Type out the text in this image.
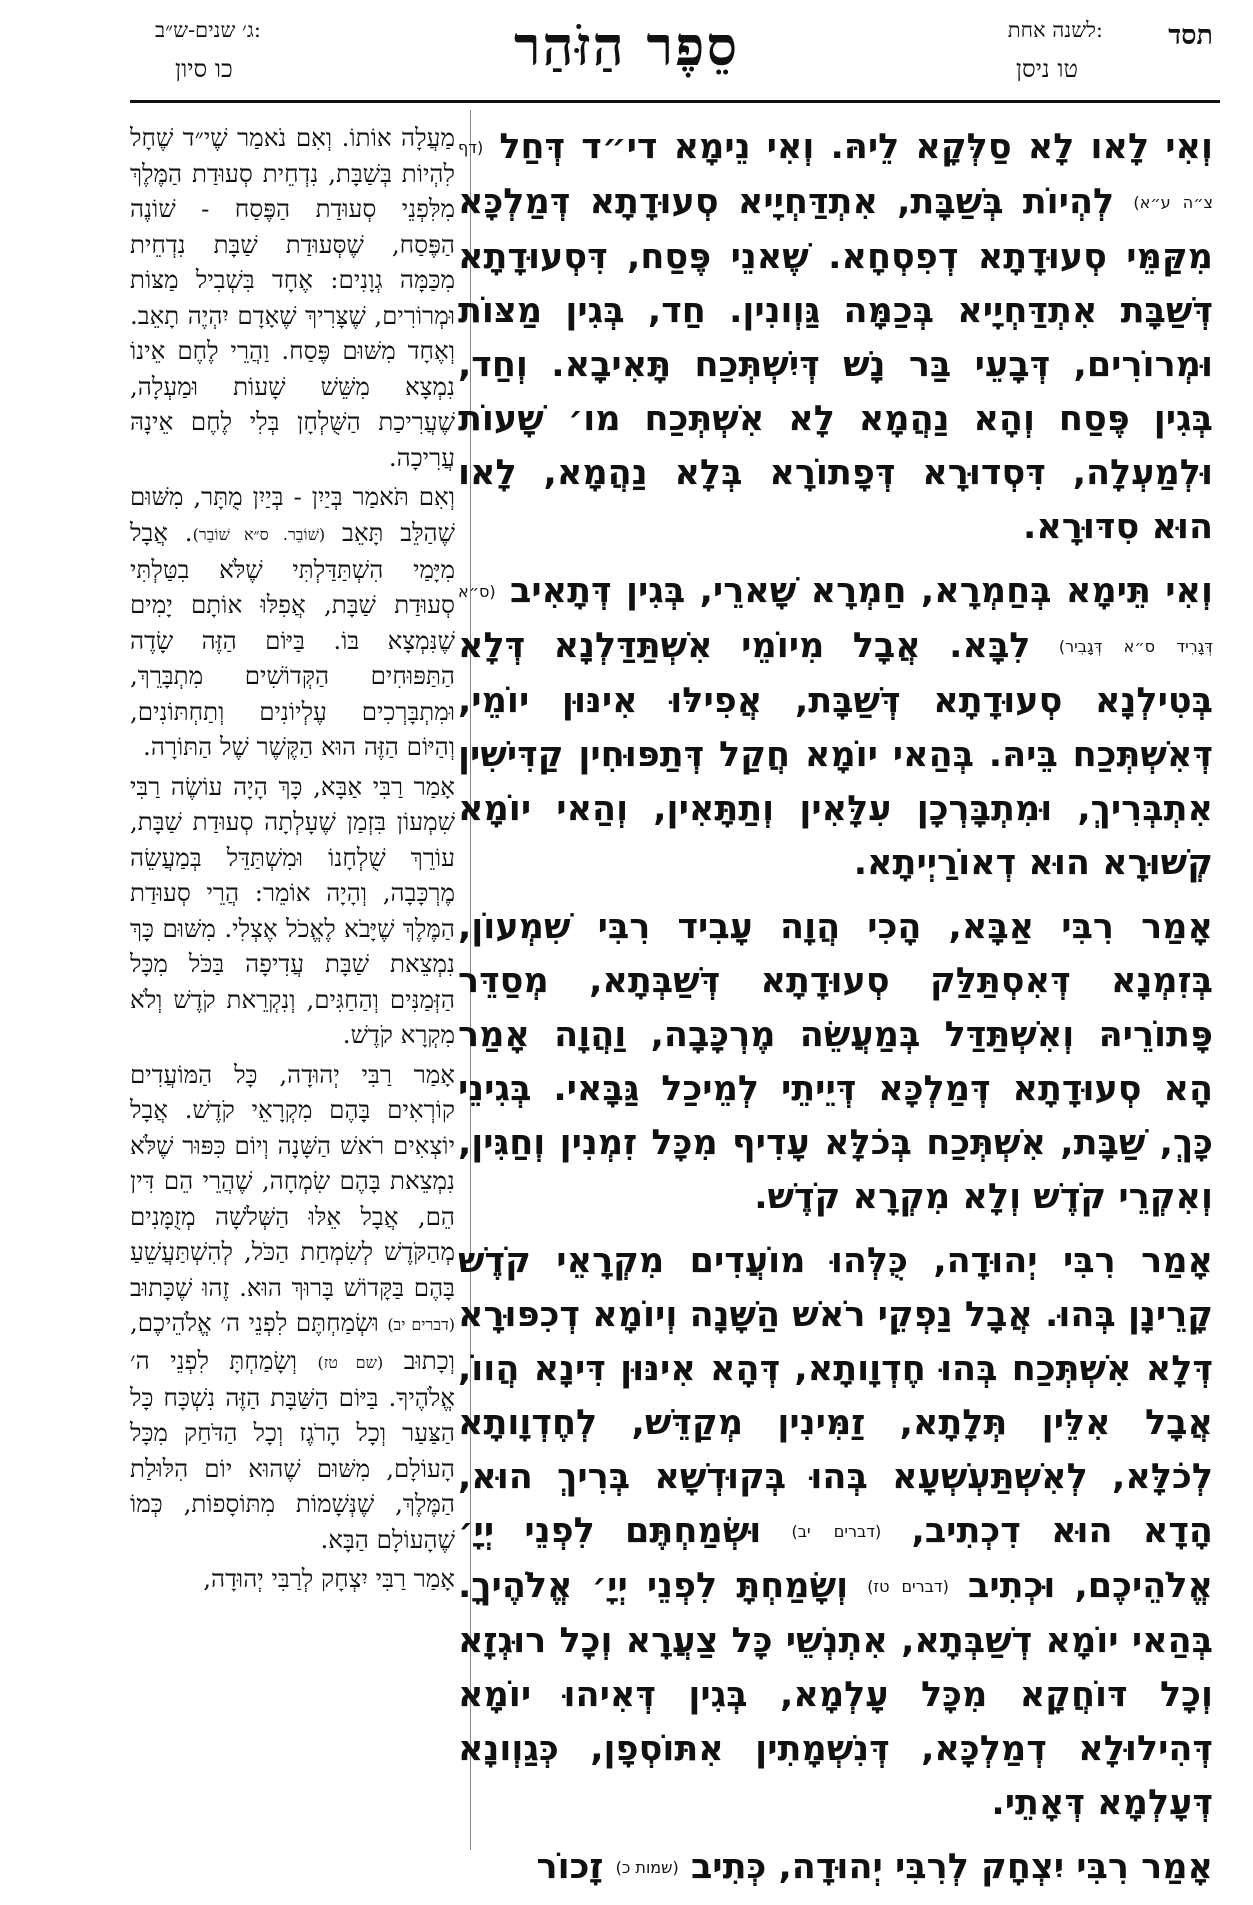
תסד
לשנה אחת:
טו ניסן
סֵפֶר הַזֹּהַר
ג׳ שנים-ש״ב:
כו סיון

וְאִי לָאו לָא סַלְּקָא לֵיהּ. וְאִי נֵימָא די״ד דְּחַל (דף צ״ה ע״א) לְהְיוֹת בְּשַׁבָּת, אִתְדַּחְיָיא סְעוּדָתָא דְּמַלְכָּא מִקַּמֵּי סְעוּדָתָא דְפִסְחָא. שֶׁאנֵי פֶּסַח, דִּסְעוּדָתָא דְּשַׁבָּת אִתְדַּחְיָיא בְּכַמָּה גַּוְונִין. חַד, בְּגִין מַצּוֹת וּמְרוֹרִים, דְּבָעֵי בַּר נָשׁ דְּיִשְׁתְּכַח תָּאִיבָא. וְחַד, בְּגִין פֶּסַח וְהָא נַהֲמָא לָא אִשְׁתְּכַח מו׳ שָׁעוֹת וּלְמַעְלָה, דִּסְדוּרָא דְּפָתוֹרָא בְּלָא נַהֲמָא, לָאו הוּא סִדּוּרָא.

וְאִי תֵּימָא בְּחַמְרָא, חַמְרָא שָׁארֵי, בְּגִין דְּתָאִיב (ס״א דְּגָרִיד ס״א דְּגָבִיר) לִבָּא. אֲבָל מִיוֹמֵי אִשְׁתַּדַּלְנָא דְּלָא בְּטִילְנָא סְעוּדָתָא דְּשַׁבָּת, אֲפִילּוּ אִינּוּן יוֹמֵי, דְּאִשְׁתְּכַח בֵּיהּ. בְּהַאי יוֹמָא חֲקַל דְּתַפּוּחִין קַדִּישִׁין אִתְבְּרִיךְ, וּמִתְבָּרְכָן עִלָּאִין וְתַתָּאִין, וְהַאי יוֹמָא קְשׁוּרָא הוּא דְאוֹרַיְיתָא.

אָמַר רִבִּי אַבָּא, הָכִי הֲוָה עָבִיד רִבִּי שִׁמְעוֹן, בְּזִמְנָא דְּאִסְתַּלַּק סְעוּדָתָא דְּשַׁבְּתָא, מְסַדֵּר פָּתוֹרֵיהּ וְאִשְׁתַּדַּל בְּמַעֲשֵׂה מֶרְכָּבָה, וַהֲוָה אָמַר הָא סְעוּדָתָא דְּמַלְכָּא דְּיֵיתֵי לְמֵיכַל גַּבָּאי. בְּגִינֵי כָּךְ, שַׁבָּת, אִשְׁתְּכַח בְּכֹלָּא עָדִיף מִכָּל זִמְנִין וְחַגִּין, וְאִקְרֵי קֹדֶשׁ וְלָא מִקְרָא קֹדֶשׁ.

אָמַר רִבִּי יְהוּדָה, כֻּלְּהוּ מוֹעֲדִים מִקְרָאֵי קֹדֶשׁ קָרֵינָן בְּהוּ. אֲבָל נַפְקֵי רֹאשׁ הַשָּׁנָה וְיוֹמָא דְכִפּוּרָא דְּלָא אִשְׁתְּכַח בְּהוּ חֶדְוָותָא, דְּהָא אִינּוּן דִּינָא הֲווֹ, אֲבָל אִלֵּין תְּלָתָא, זַמִּינִין מְקַדֵּשׁ, לְחֶדְוָותָא לְכֹלָּא, לְאִשְׁתַּעְשְׁעָא בְּהוּ בְּקוּדְשָׁא בְּרִיךְ הוּא, הָדָא הוּא דִכְתִיב, (דברים יב) וּשְׂמַחְתֶּם לִפְנֵי יְיָ׳ אֱלֹהֵיכֶם, וּכְתִיב (דברים טז) וְשָׂמַחְתָּ לִפְנֵי יְיָ׳ אֱלֹהֶיךָ. בְּהַאי יוֹמָא דְשַׁבְּתָא, אִתְנְשֵׁי כָּל צַעֲרָא וְכָל רוּגְזָא וְכָל דּוֹחֲקָא מִכָּל עָלְמָא, בְּגִין דְּאִיהוּ יוֹמָא דְּהִילוּלָא דְמַלְכָּא, דְּנִשְׁמָתִין אִתּוֹסְפָן, כְּגַוְונָא דְּעָלְמָא דְּאָתֵי.

אָמַר רִבִּי יִצְחָק לְרִבִּי יְהוּדָה, כְּתִיב (שמות כ) זָכוֹר

מַעֲלָה אוֹתוֹ. וְאִם נֹאמַר שֶׁי״ד שֶׁחָל לִהְיוֹת בְּשַׁבָּת, נִדְחֵית סְעוּדַת הַמֶּלֶךְ מִלִּפְנֵי סְעוּדַת הַפֶּסַח - שׁוֹנֶה הַפֶּסַח, שֶׁסְּעוּדַת שַׁבָּת נִדְחֵית מִכַּמָּה גְוָנִים: אֶחָד בִּשְׁבִיל מַצּוֹת וּמְרוֹרִים, שֶׁצָּרִיךְ שֶׁאָדָם יִהְיֶה תָאֵב. וְאֶחָד מִשּׁוּם פֶּסַח. וַהֲרֵי לֶחֶם אֵינוֹ נִמְצָא מִשֵּׁשׁ שָׁעוֹת וּמַעְלָה, שֶׁעֲרִיכַת הַשֻּׁלְחָן בְּלִי לֶחֶם אֵינָהּ עֲרִיכָה.

וְאִם תֹּאמַר בְּיַיִן - בְּיַיִן מֻתָּר, מִשּׁוּם שֶׁהַלֵּב תָּאֵב (שׁוֹבֵר. ס״א שׁוֹבֵר). אֲבָל מִיָּמַי הִשְׁתַּדַּלְתִּי שֶׁלֹּא בִטַּלְתִּי סְעוּדַת שַׁבָּת, אֲפִלּוּ אוֹתָם יָמִים שֶׁנִּמְצָא בּוֹ. בַּיּוֹם הַזֶּה שָׂדֶה הַתַּפּוּחִים הַקְּדוֹשִׁים מִתְבָּרֵךְ, וּמִתְבָּרְכִים עֶלְיוֹנִים וְתַחְתּוֹנִים, וְהַיּוֹם הַזֶּה הוּא הַקֶּשֶׁר שֶׁל הַתּוֹרָה.

אָמַר רַבִּי אַבָּא, כָּךְ הָיָה עוֹשֶׂה רַבִּי שִׁמְעוֹן בִּזְמַן שֶׁעָלְתָה סְעוּדַת שַׁבָּת, עוֹרֵךְ שֻׁלְחָנוֹ וּמִשְׁתַּדֵּל בְּמַעֲשֵׂה מֶרְכָּבָה, וְהָיָה אוֹמֵר: הֲרֵי סְעוּדַת הַמֶּלֶךְ שֶׁיָּבֹא לֶאֱכֹל אֶצְלִי. מִשּׁוּם כָּךְ נִמְצֵאת שַׁבָּת עֲדִיפָה בַּכֹּל מִכָּל הַזְּמַנִּים וְהַחַגִּים, וְנִקְרֵאת קֹדֶשׁ וְלֹא מִקְרָא קֹדֶשׁ.

אָמַר רַבִּי יְהוּדָה, כָּל הַמּוֹעֲדִים קוֹרְאִים בָּהֶם מִקְרָאֵי קֹדֶשׁ. אֲבָל יוֹצְאִים רֹאשׁ הַשָּׁנָה וְיוֹם כִּפּוּר שֶׁלֹּא נִמְצֵאת בָּהֶם שִׂמְחָה, שֶׁהֲרֵי הֵם דִּין הֵם, אֲבָל אֵלּוּ הַשְּׁלֹשָׁה מְזֻמָּנִים מְהַקֹּדֶשׁ לְשִׂמְחַת הַכֹּל, לְהִשְׁתַּעֲשֵׁעַ בָּהֶם בַּקָּדוֹשׁ בָּרוּךְ הוּא. זֶהוּ שֶׁכָּתוּב (דברים יב) וּשְׂמַחְתֶּם לִפְנֵי ה׳ אֱלֹהֵיכֶם, וְכָתוּב (שם טז) וְשָׂמַחְתָּ לִפְנֵי ה׳ אֱלֹהֶיךָ. בַּיּוֹם הַשַּׁבָּת הַזֶּה נִשְׁכָּח כָּל הַצַּעַר וְכָל הָרֹגֶז וְכָל הַדֹּחַק מִכָּל הָעוֹלָם, מִשּׁוּם שֶׁהוּא יוֹם הִלּוּלַת הַמֶּלֶךְ, שֶׁנְּשָׁמוֹת מִתּוֹסָפוֹת, כְּמוֹ שֶׁהָעוֹלָם הַבָּא.

אָמַר רַבִּי יִצְחָק לְרַבִּי יְהוּדָה,
